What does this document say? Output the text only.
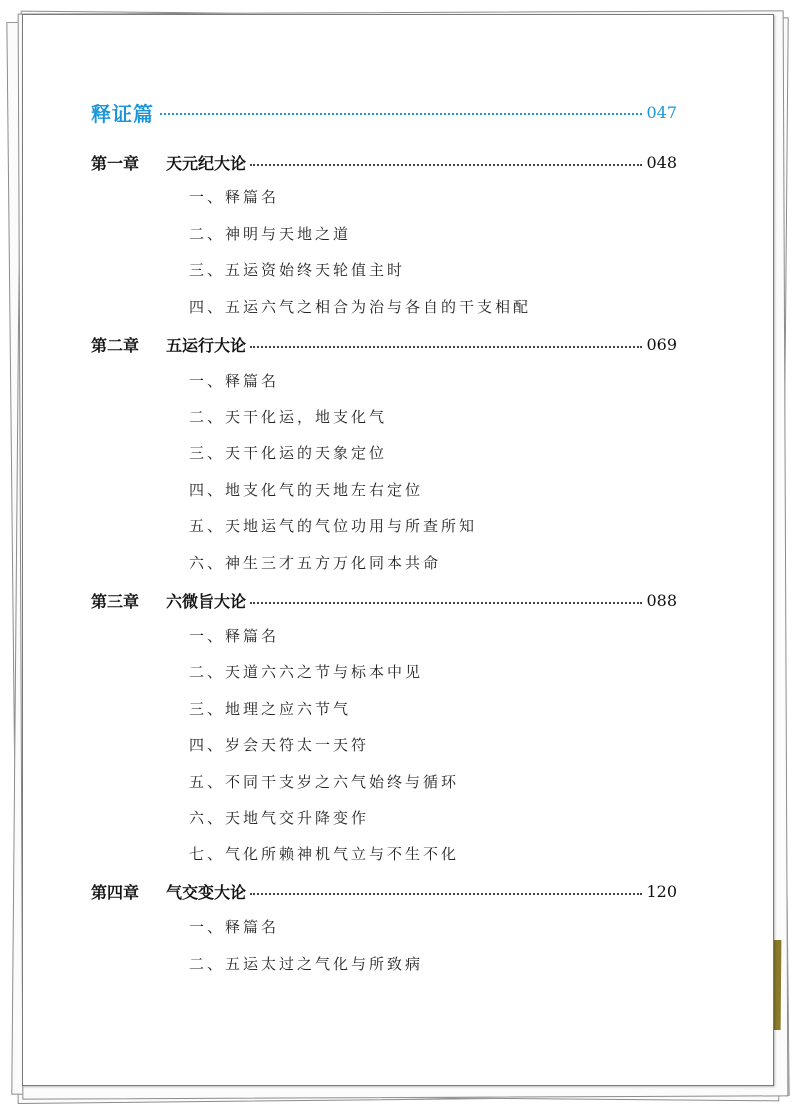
释证篇	047
第一章	天元纪大论	048
一、释篇名
二、神明与天地之道
三、五运资始终天轮值主时
四、五运六气之相合为治与各自的干支相配
第二章	五运行大论	069
一、释篇名
二、天干化运，地支化气
三、天干化运的天象定位
四、地支化气的天地左右定位
五、天地运气的气位功用与所查所知
六、神生三才五方万化同本共命
第三章	六微旨大论	088
一、释篇名
二、天道六六之节与标本中见
三、地理之应六节气
四、岁会天符太一天符
五、不同干支岁之六气始终与循环
六、天地气交升降变作
七、气化所赖神机气立与不生不化
第四章	气交变大论	120
一、释篇名
二、五运太过之气化与所致病
